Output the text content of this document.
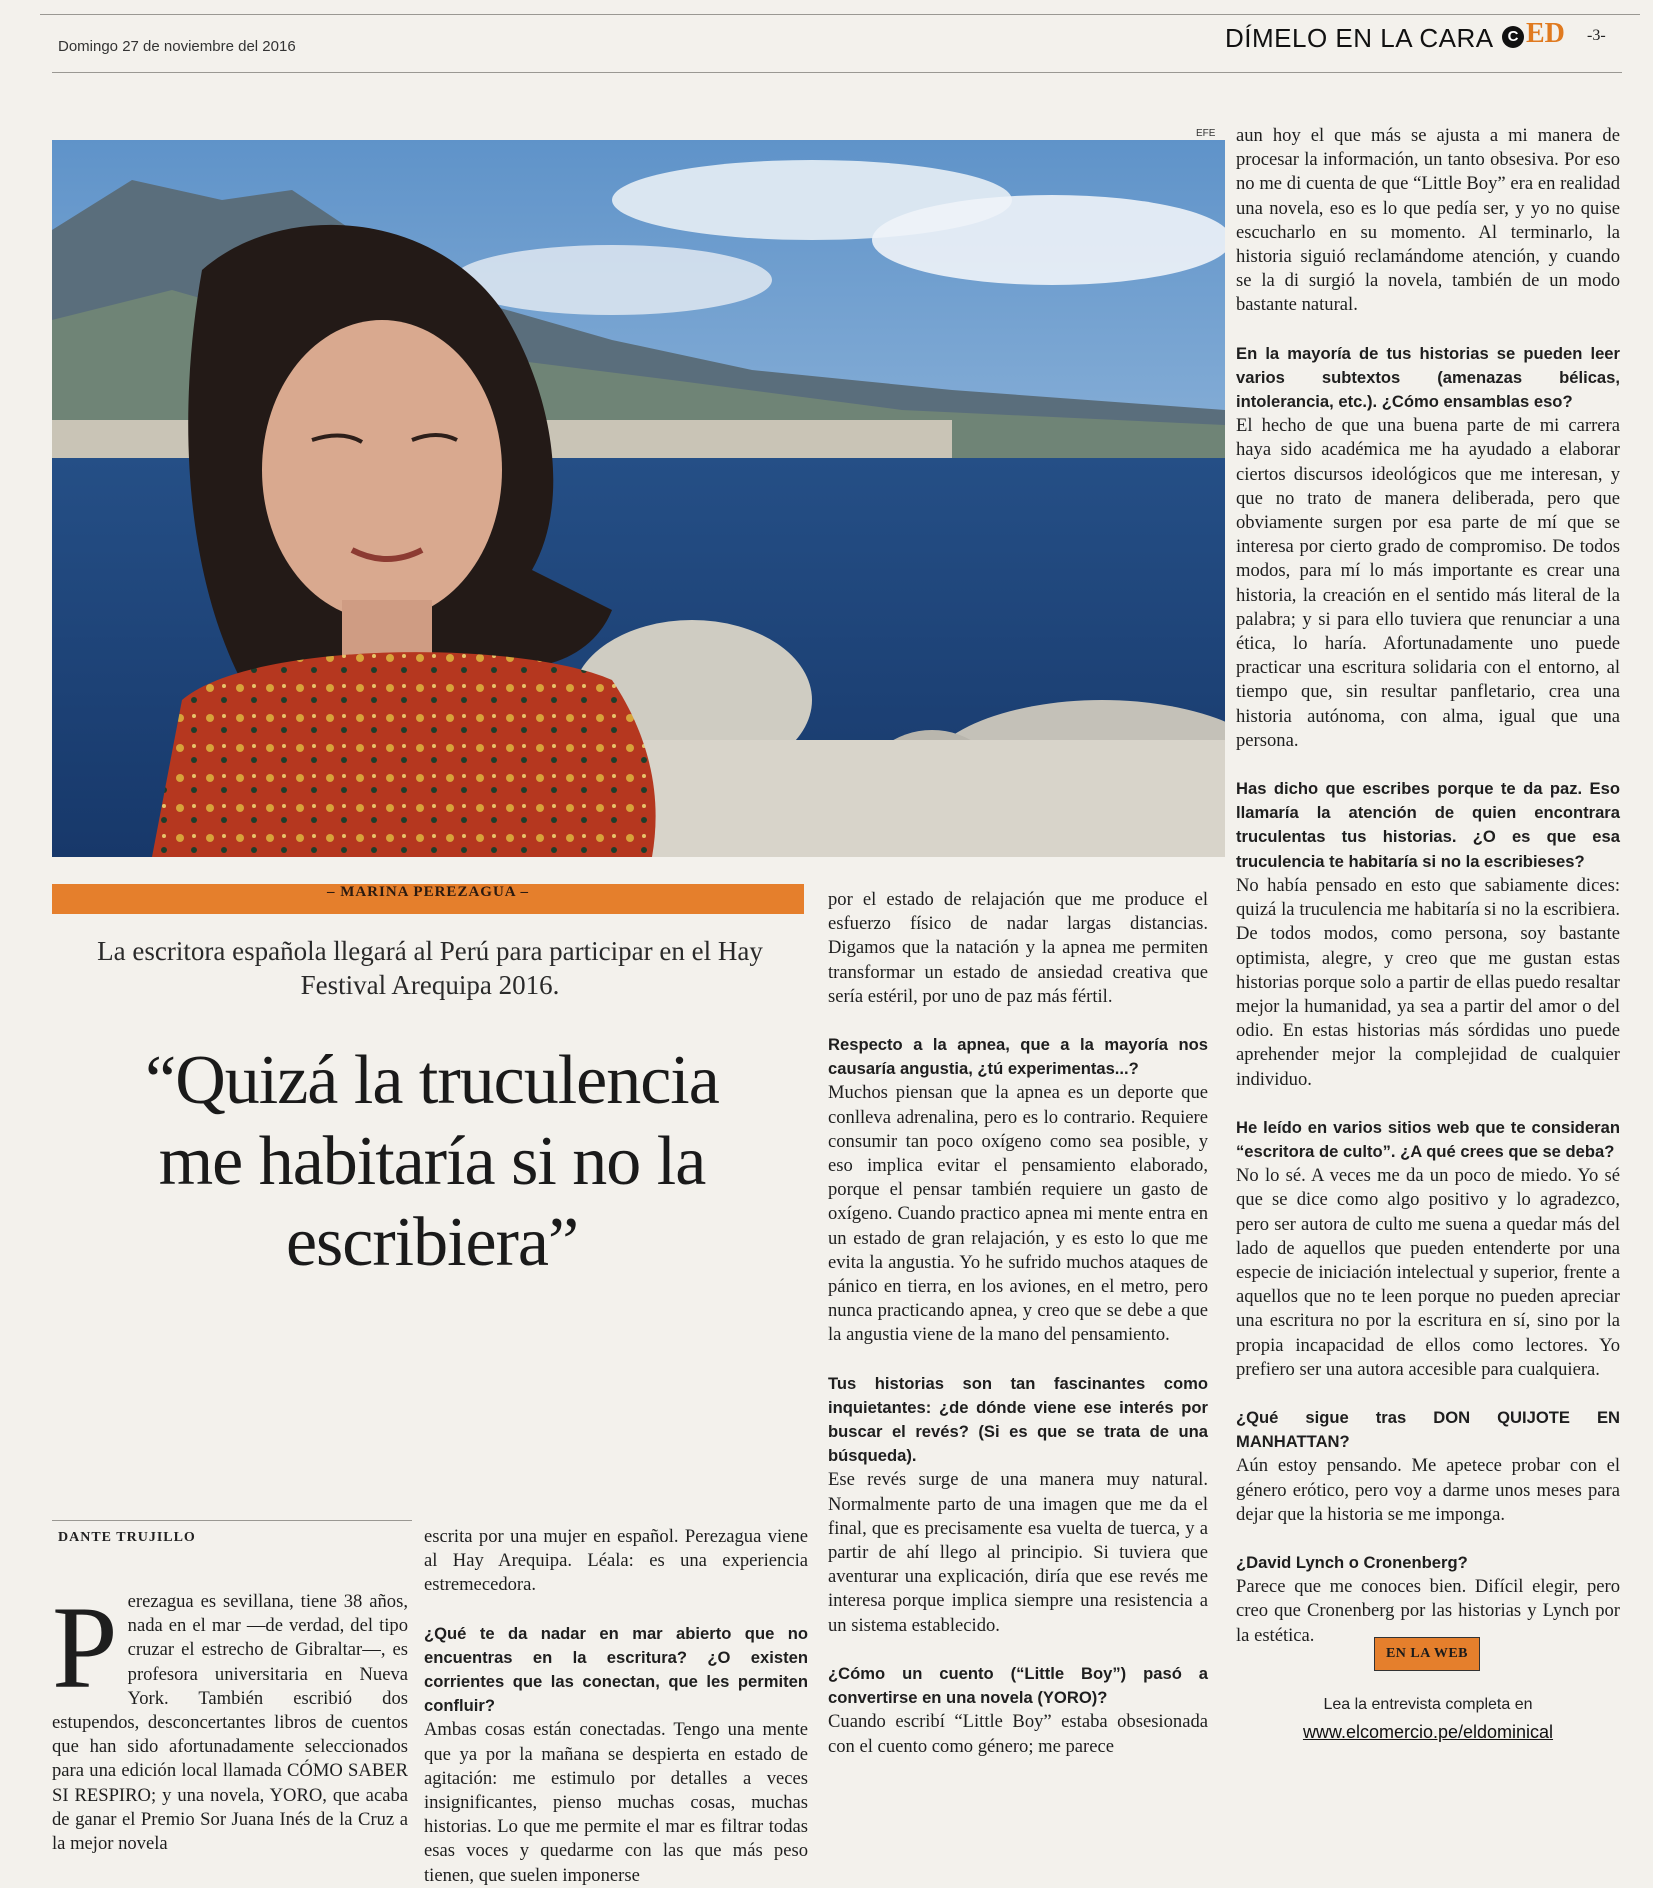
Domingo 27 de noviembre del 2016	DÍMELO EN LA CARA C ED -3-
EFE
– MARINA PEREZAGUA –
La escritora española llegará al Perú para participar en el Hay Festival Arequipa 2016.
“Quizá la truculencia
me habitaría si no la
escribiera”
DANTE TRUJILLO
P erezagua es sevillana, tiene 38 años, nada en el mar —de verdad, del tipo cruzar el estrecho de Gibraltar—, es profesora universitaria en Nueva York. También escribió dos estupendos, desconcertantes libros de cuentos que han sido afortunadamente seleccionados para una edición local llamada CÓMO SABER SI RESPIRO; y una novela, YORO, que acaba de ganar el Premio Sor Juana Inés de la Cruz a la mejor novela

escrita por una mujer en español. Perezagua viene al Hay Arequipa. Léala: es una experiencia estremecedora.

¿Qué te da nadar en mar abierto que no encuentras en la escritura? ¿O existen corrientes que las conectan, que les permiten confluir?

Ambas cosas están conectadas. Tengo una mente que ya por la mañana se despierta en estado de agitación: me estimulo por detalles a veces insignificantes, pienso muchas cosas, muchas historias. Lo que me permite el mar es filtrar todas esas voces y quedarme con las que más peso tienen, que suelen imponerse

por el estado de relajación que me produce el esfuerzo físico de nadar largas distancias. Digamos que la natación y la apnea me permiten transformar un estado de ansiedad creativa que sería estéril, por uno de paz más fértil.

Respecto a la apnea, que a la mayoría nos causaría angustia, ¿tú experimentas...?

Muchos piensan que la apnea es un deporte que conlleva adrenalina, pero es lo contrario. Requiere consumir tan poco oxígeno como sea posible, y eso implica evitar el pensamiento elaborado, porque el pensar también requiere un gasto de oxígeno. Cuando practico apnea mi mente entra en un estado de gran relajación, y es esto lo que me evita la angustia. Yo he sufrido muchos ataques de pánico en tierra, en los aviones, en el metro, pero nunca practicando apnea, y creo que se debe a que la angustia viene de la mano del pensamiento.

Tus historias son tan fascinantes como inquietantes: ¿de dónde viene ese interés por buscar el revés? (Si es que se trata de una búsqueda).

Ese revés surge de una manera muy natural. Normalmente parto de una imagen que me da el final, que es precisamente esa vuelta de tuerca, y a partir de ahí llego al principio. Si tuviera que aventurar una explicación, diría que ese revés me interesa porque implica siempre una resistencia a un sistema establecido.

¿Cómo un cuento (“Little Boy”) pasó a convertirse en una novela (YORO)?

Cuando escribí “Little Boy” estaba obsesionada con el cuento como género; me parece

aun hoy el que más se ajusta a mi manera de procesar la información, un tanto obsesiva. Por eso no me di cuenta de que “Little Boy” era en realidad una novela, eso es lo que pedía ser, y yo no quise escucharlo en su momento. Al terminarlo, la historia siguió reclamándome atención, y cuando se la di surgió la novela, también de un modo bastante natural.

En la mayoría de tus historias se pueden leer varios subtextos (amenazas bélicas, intolerancia, etc.). ¿Cómo ensamblas eso?

El hecho de que una buena parte de mi carrera haya sido académica me ha ayudado a elaborar ciertos discursos ideológicos que me interesan, y que no trato de manera deliberada, pero que obviamente surgen por esa parte de mí que se interesa por cierto grado de compromiso. De todos modos, para mí lo más importante es crear una historia, la creación en el sentido más literal de la palabra; y si para ello tuviera que renunciar a una ética, lo haría. Afortunadamente uno puede practicar una escritura solidaria con el entorno, al tiempo que, sin resultar panfletario, crea una historia autónoma, con alma, igual que una persona.

Has dicho que escribes porque te da paz. Eso llamaría la atención de quien encontrara truculentas tus historias. ¿O es que esa truculencia te habitaría si no la escribieses?

No había pensado en esto que sabiamente dices: quizá la truculencia me habitaría si no la escribiera. De todos modos, como persona, soy bastante optimista, alegre, y creo que me gustan estas historias porque solo a partir de ellas puedo resaltar mejor la humanidad, ya sea a partir del amor o del odio. En estas historias más sórdidas uno puede aprehender mejor la complejidad de cualquier individuo.

He leído en varios sitios web que te consideran “escritora de culto”. ¿A qué crees que se deba?

No lo sé. A veces me da un poco de miedo. Yo sé que se dice como algo positivo y lo agradezco, pero ser autora de culto me suena a quedar más del lado de aquellos que pueden entenderte por una especie de iniciación intelectual y superior, frente a aquellos que no te leen porque no pueden apreciar una escritura no por la escritura en sí, sino por la propia incapacidad de ellos como lectores. Yo prefiero ser una autora accesible para cualquiera.

¿Qué sigue tras DON QUIJOTE EN MANHATTAN?

Aún estoy pensando. Me apetece probar con el género erótico, pero voy a darme unos meses para dejar que la historia se me imponga.

¿David Lynch o Cronenberg?

Parece que me conoces bien. Difícil elegir, pero creo que Cronenberg por las historias y Lynch por la estética.

EN LA WEB
Lea la entrevista completa en
www.elcomercio.pe/eldominical
